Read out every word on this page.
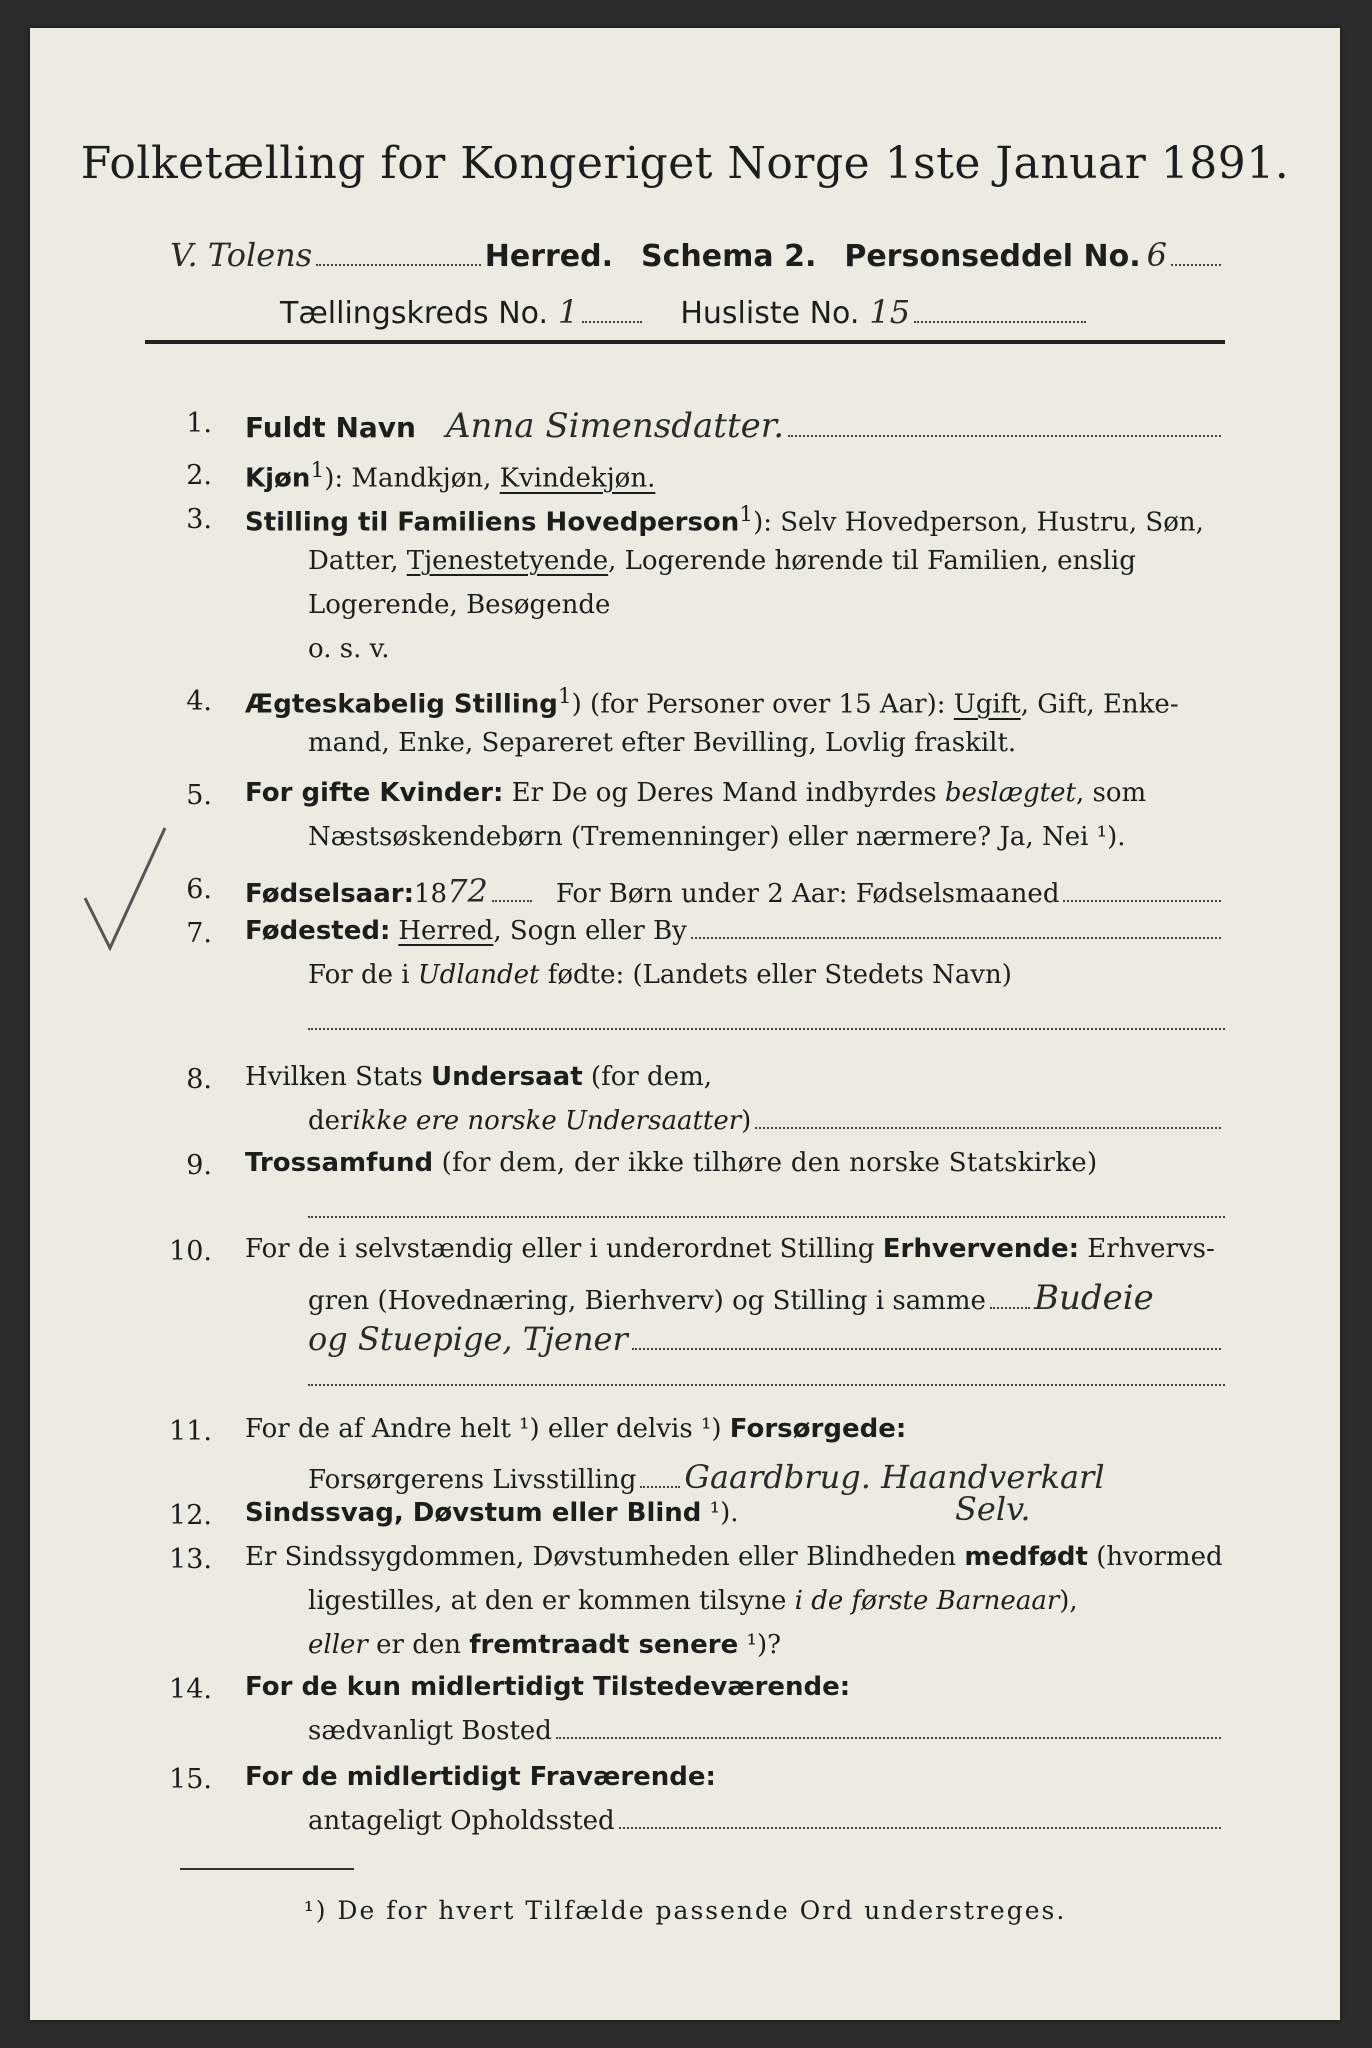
Folketælling for Kongeriget Norge 1ste Januar 1891.
V. Tolens	Herred. Schema 2. Personseddel No. 6
Tællingskreds No. 1	Husliste No. 15
1. Fuldt Navn Anna Simensdatter.
2. Kjøn$^1$): Mandkjøn, Kvindekjøn.
3. Stilling til Familiens Hovedperson$^1$): Selv Hovedperson, Hustru, Søn,
Datter, Tjenestetyende, Logerende hørende til Familien, enslig
Logerende, Besøgende
o. s. v.
4. Ægteskabelig Stilling$^1$) (for Personer over 15 Aar): Ugift, Gift, Enke-
mand, Enke, Separeret efter Bevilling, Lovlig fraskilt.
5. For gifte Kvinder: Er De og Deres Mand indbyrdes beslægtet, som
Næstsøskendebørn (Tremenninger) eller nærmere? Ja, Nei ¹).
6. Fødselsaar: 18 72	For Børn under 2 Aar: Fødselsmaaned
7. Fødested: Herred , Sogn eller By
For de i Udlandet fødte: (Landets eller Stedets Navn)
8. Hvilken Stats Undersaat (for dem,
der ikke ere norske Undersaatter )
9. Trossamfund (for dem, der ikke tilhøre den norske Statskirke)
10. For de i selvstændig eller i underordnet Stilling Erhvervende: Erhvervs-
gren (Hovednæring, Bierhverv) og Stilling i samme Budeie
og Stuepige, Tjener
11. For de af Andre helt ¹) eller delvis ¹) Forsørgede:
Forsørgerens Livsstilling Gaardbrug. Haandverkarl
Selv.
12. Sindssvag, Døvstum eller Blind ¹).
13. Er Sindssygdommen, Døvstumheden eller Blindheden medfødt (hvormed
ligestilles, at den er kommen tilsyne i de første Barneaar),
eller er den fremtraadt senere ¹)?
14. For de kun midlertidigt Tilstedeværende:
sædvanligt Bosted
15. For de midlertidigt Fraværende:
antageligt Opholdssted
¹) De for hvert Tilfælde passende Ord understreges.
